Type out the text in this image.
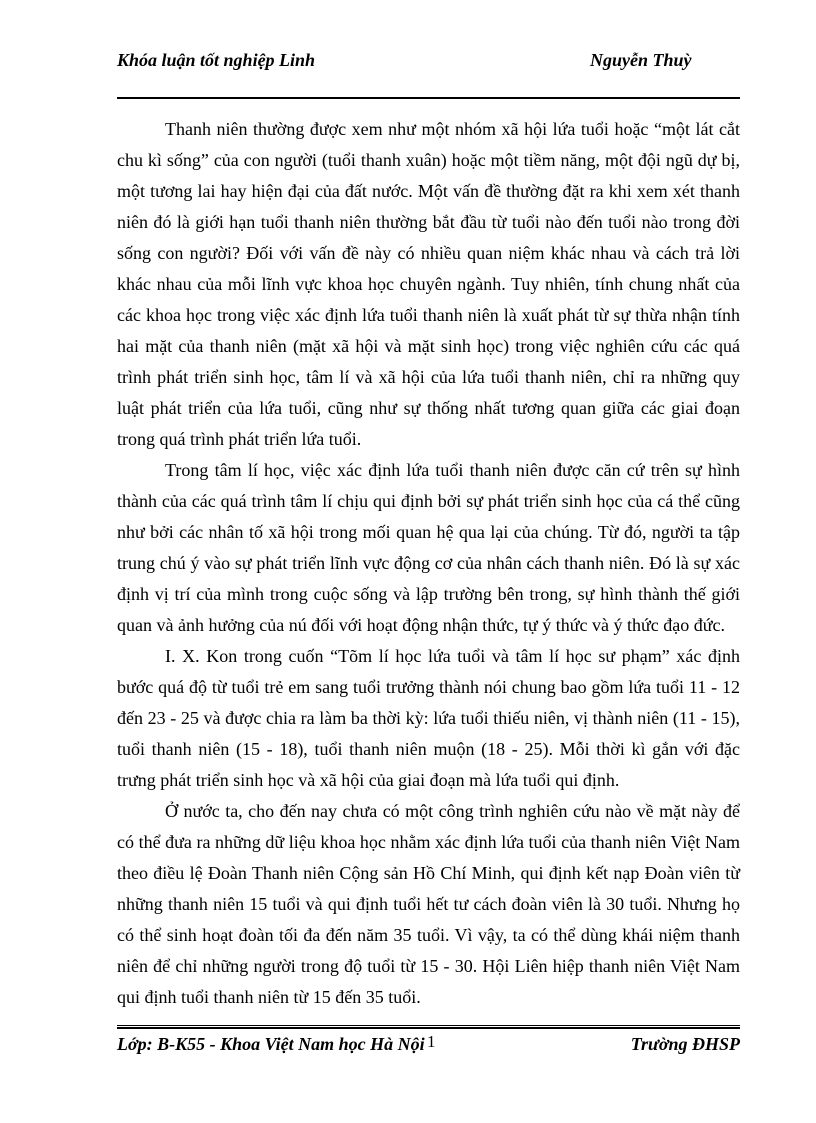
Khóa luận tốt nghiệp Linh	Nguyễn Thuỳ

Thanh niên thường được xem như một nhóm xã hội lứa tuổi hoặc “một lát cắt chu kì sống” của con người (tuổi thanh xuân) hoặc một tiềm năng, một đội ngũ dự bị, một tương lai hay hiện đại của đất nước. Một vấn đề thường đặt ra khi xem xét thanh niên đó là giới hạn tuổi thanh niên thường bắt đầu từ tuổi nào đến tuổi nào trong đời sống con người? Đối với vấn đề này có nhiều quan niệm khác nhau và cách trả lời khác nhau của mỗi lĩnh vực khoa học chuyên ngành. Tuy nhiên, tính chung nhất của các khoa học trong việc xác định lứa tuổi thanh niên là xuất phát từ sự thừa nhận tính hai mặt của thanh niên (mặt xã hội và mặt sinh học) trong việc nghiên cứu các quá trình phát triển sinh học, tâm lí và xã hội của lứa tuổi thanh niên, chỉ ra những quy luật phát triển của lứa tuổi, cũng như sự thống nhất tương quan giữa các giai đoạn trong quá trình phát triển lứa tuổi.

Trong tâm lí học, việc xác định lứa tuổi thanh niên được căn cứ trên sự hình thành của các quá trình tâm lí chịu qui định bởi sự phát triển sinh học của cá thể cũng như bởi các nhân tố xã hội trong mối quan hệ qua lại của chúng. Từ đó, người ta tập trung chú ý vào sự phát triển lĩnh vực động cơ của nhân cách thanh niên. Đó là sự xác định vị trí của mình trong cuộc sống và lập trường bên trong, sự hình thành thế giới quan và ảnh hưởng của nú đối với hoạt động nhận thức, tự ý thức và ý thức đạo đức.

I. X. Kon trong cuốn “Tõm lí học lứa tuổi và tâm lí học sư phạm” xác định bước quá độ từ tuổi trẻ em sang tuổi trưởng thành nói chung bao gồm lứa tuổi 11 - 12 đến 23 - 25 và được chia ra làm ba thời kỳ: lứa tuổi thiếu niên, vị thành niên (11 - 15), tuổi thanh niên (15 - 18), tuổi thanh niên muộn (18 - 25). Mỗi thời kì gắn với đặc trưng phát triển sinh học và xã hội của giai đoạn mà lứa tuổi qui định.

Ở nước ta, cho đến nay chưa có một công trình nghiên cứu nào về mặt này để có thể đưa ra những dữ liệu khoa học nhằm xác định lứa tuổi của thanh niên Việt Nam theo điều lệ Đoàn Thanh niên Cộng sản Hồ Chí Minh, qui định kết nạp Đoàn viên từ những thanh niên 15 tuổi và qui định tuổi hết tư cách đoàn viên là 30 tuổi. Nhưng họ có thể sinh hoạt đoàn tối đa đến năm 35 tuổi. Vì vậy, ta có thể dùng khái niệm thanh niên để chỉ những người trong độ tuổi từ 15 - 30. Hội Liên hiệp thanh niên Việt Nam qui định tuổi thanh niên từ 15 đến 35 tuổi.

Lớp: B-K55 - Khoa Việt Nam học Hà Nội 1	Trường ĐHSP
